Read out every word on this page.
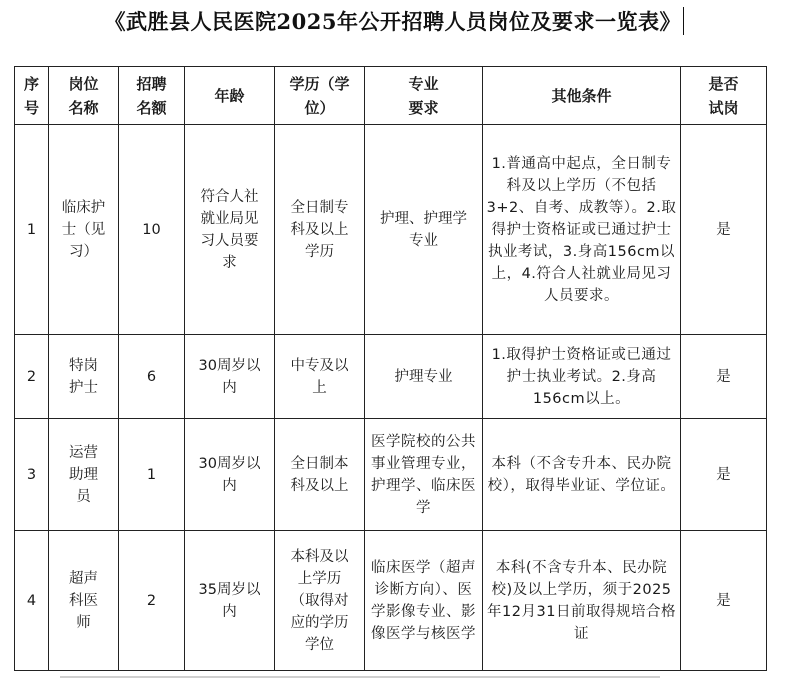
《武胜县人民医院2025年公开招聘人员岗位及要求一览表》
序号	岗位名称	招聘名额	年龄	学历（学位）	专业要求	其他条件	是否试岗

1	临床护士（见习）	10	符合人社就业局见习人员要求	全日制专科及以上学历	护理、护理学专业	1.普通高中起点，全日制专科及以上学历（不包括3+2、自考、成教等）。2.取得护士资格证或已通过护士执业考试，3.身高156cm以上，4.符合人社就业局见习人员要求。	是
2	特岗护士	6	30周岁以内	中专及以上	护理专业	1.取得护士资格证或已通过护士执业考试。2.身高156cm以上。	是
3	运营助理员	1	30周岁以内	全日制本科及以上	医学院校的公共事业管理专业，护理学、临床医学	本科（不含专升本、民办院校），取得毕业证、学位证。	是
4	超声科医师	2	35周岁以内	本科及以上学历（取得对应的学历学位	临床医学（超声诊断方向）、医学影像专业、影像医学与核医学	本科(不含专升本、民办院校)及以上学历，须于2025年12月31日前取得规培合格证	是
